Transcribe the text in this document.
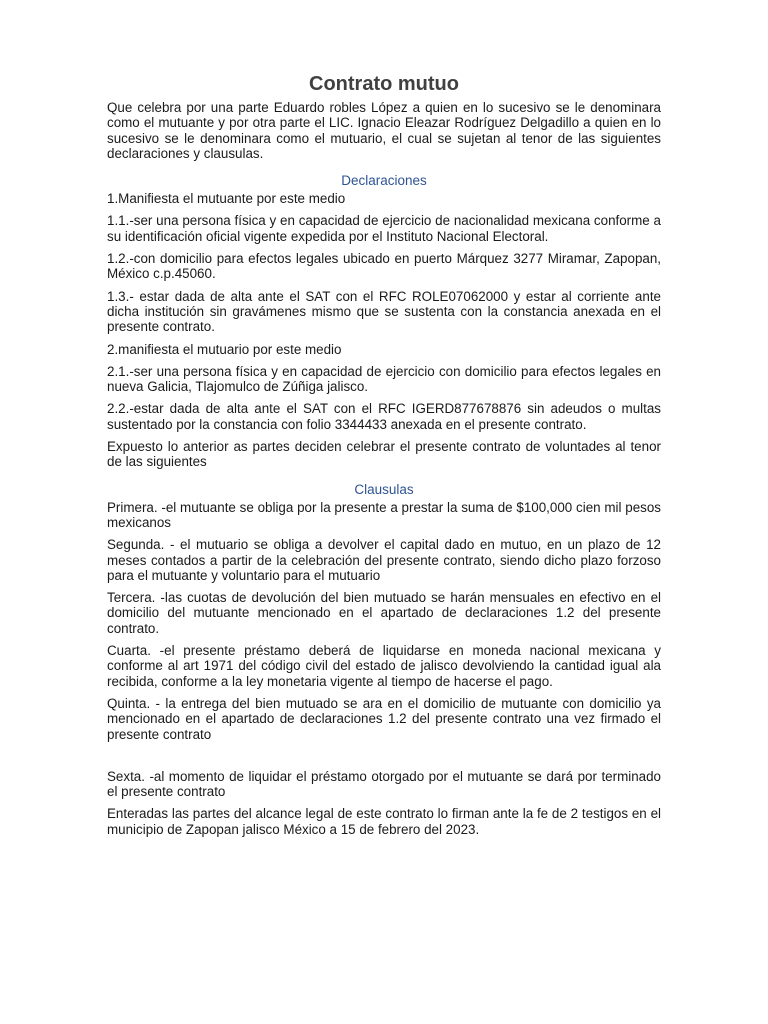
Contrato mutuo

Que celebra por una parte Eduardo robles López a quien en lo sucesivo se le denominara como el mutuante y por otra parte el LIC. Ignacio Eleazar Rodríguez Delgadillo a quien en lo sucesivo se le denominara como el mutuario, el cual se sujetan al tenor de las siguientes declaraciones y clausulas.

Declaraciones

1.Manifiesta el mutuante por este medio

1.1.-ser una persona física y en capacidad de ejercicio de nacionalidad mexicana conforme a su identificación oficial vigente expedida por el Instituto Nacional Electoral.

1.2.-con domicilio para efectos legales ubicado en puerto Márquez 3277 Miramar, Zapopan, México c.p.45060.

1.3.- estar dada de alta ante el SAT con el RFC ROLE07062000 y estar al corriente ante dicha institución sin gravámenes mismo que se sustenta con la constancia anexada en el presente contrato.

2.manifiesta el mutuario por este medio

2.1.-ser una persona física y en capacidad de ejercicio con domicilio para efectos legales en nueva Galicia, Tlajomulco de Zúñiga jalisco.

2.2.-estar dada de alta ante el SAT con el RFC IGERD877678876 sin adeudos o multas sustentado por la constancia con folio 3344433 anexada en el presente contrato.

Expuesto lo anterior as partes deciden celebrar el presente contrato de voluntades al tenor de las siguientes

Clausulas

Primera. -el mutuante se obliga por la presente a prestar la suma de $100,000 cien mil pesos mexicanos

Segunda. - el mutuario se obliga a devolver el capital dado en mutuo, en un plazo de 12 meses contados a partir de la celebración del presente contrato, siendo dicho plazo forzoso para el mutuante y voluntario para el mutuario

Tercera. -las cuotas de devolución del bien mutuado se harán mensuales en efectivo en el domicilio del mutuante mencionado en el apartado de declaraciones 1.2 del presente contrato.

Cuarta. -el presente préstamo deberá de liquidarse en moneda nacional mexicana y conforme al art 1971 del código civil del estado de jalisco devolviendo la cantidad igual ala recibida, conforme a la ley monetaria vigente al tiempo de hacerse el pago.

Quinta. - la entrega del bien mutuado se ara en el domicilio de mutuante con domicilio ya mencionado en el apartado de declaraciones 1.2 del presente contrato una vez firmado el presente contrato

Sexta. -al momento de liquidar el préstamo otorgado por el mutuante se dará por terminado el presente contrato

Enteradas las partes del alcance legal de este contrato lo firman ante la fe de 2 testigos en el municipio de Zapopan jalisco México a 15 de febrero del 2023.
